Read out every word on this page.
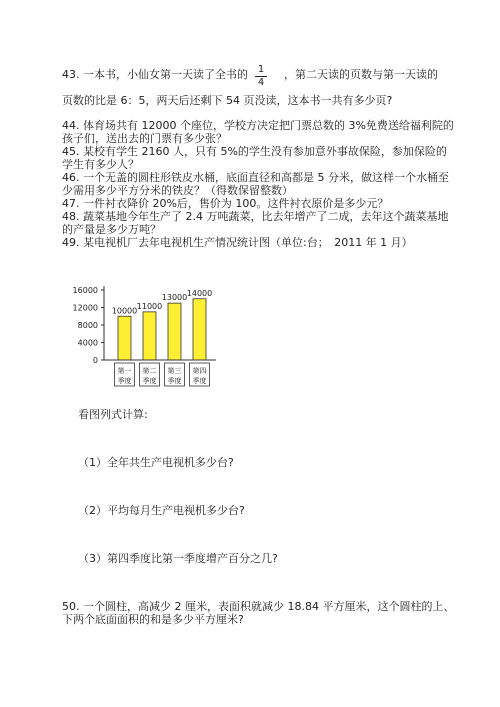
43. 一本书，小仙女第一天读了全书的 $\frac{1}{4}$ ，第二天读的页数与第一天读的
页数的比是 6：5，两天后还剩下 54 页没读，这本书一共有多少页?
44. 体育场共有 12000 个座位，学校方决定把门票总数的 3%免费送给福利院的
孩子们，送出去的门票有多少张？
45. 某校有学生 2160 人，只有 5%的学生没有参加意外事故保险，参加保险的
学生有多少人？
46. 一个无盖的圆柱形铁皮水桶，底面直径和高都是 5 分米，做这样一个水桶至
少需用多少平方分米的铁皮？（得数保留整数）
47. 一件衬衣降价 20%后，售价为 100。这件衬衣原价是多少元？
48. 蔬菜基地今年生产了 2.4 万吨蔬菜，比去年增产了二成，去年这个蔬菜基地
的产量是多少万吨？
49. 某电视机厂去年电视机生产情况统计图（单位:台；　2011 年 1 月）
0
4000
8000
12000
16000
10000 11000
13000 14000
第一
季度
第二
季度
第三
季度
第四
季度
看图列式计算:
（1）全年共生产电视机多少台?
（2）平均每月生产电视机多少台?
（3）第四季度比第一季度增产百分之几?
50. 一个圆柱，高减少 2 厘米，表面积就减少 18.84 平方厘米，这个圆柱的上、
下两个底面面积的和是多少平方厘米?
